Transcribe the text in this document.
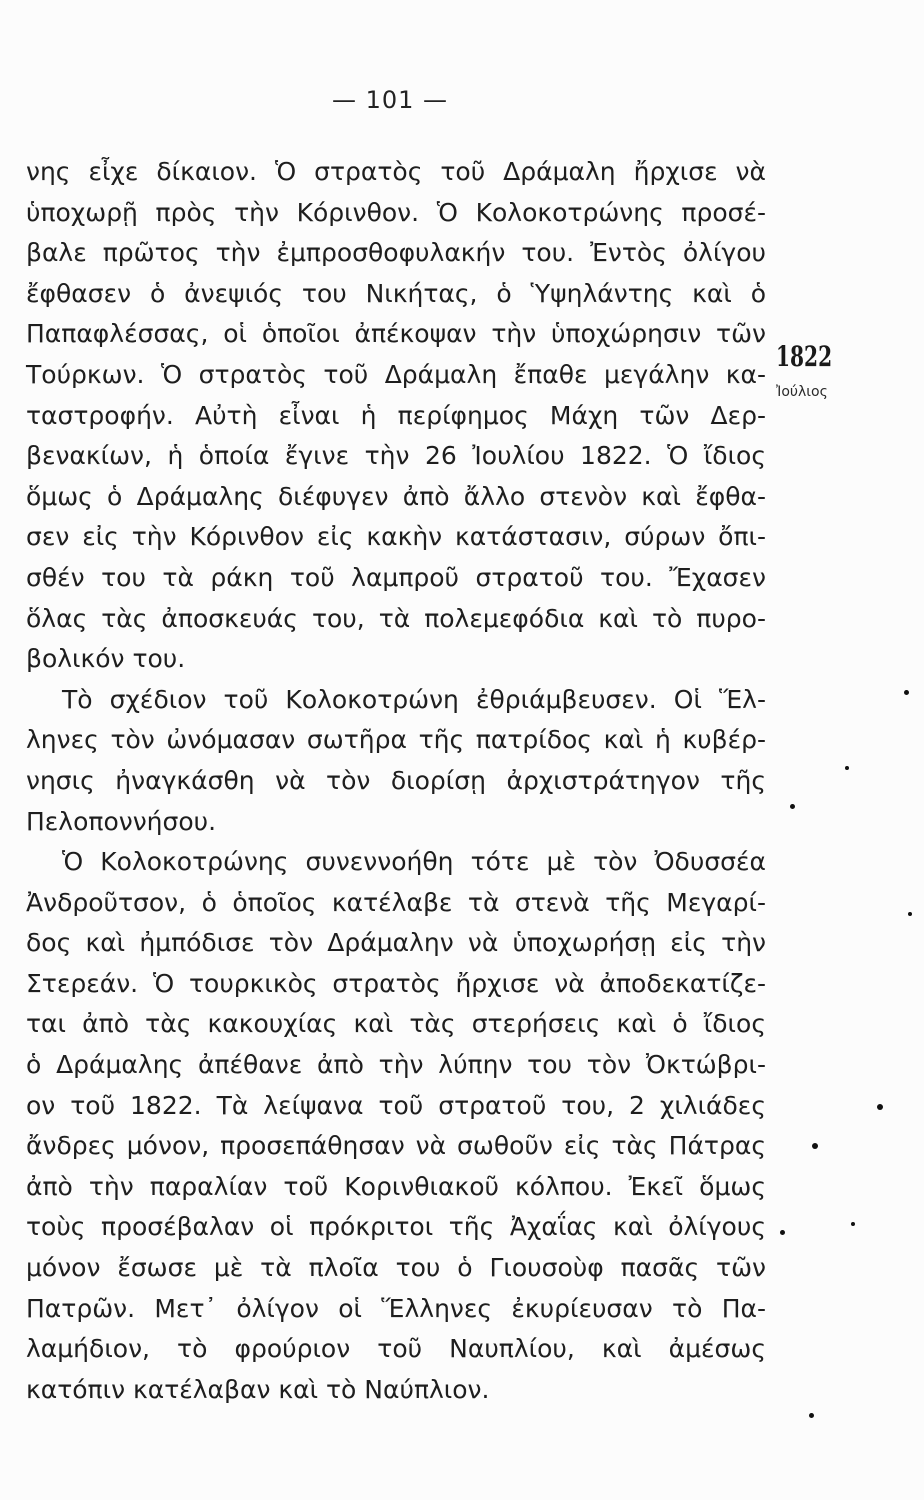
— 101 —
νης εἶχε δίκαιον. Ὁ στρατὸς τοῦ Δράμαλη ἤρχισε νὰ
ὑποχωρῇ πρὸς τὴν Κόρινθον. Ὁ Κολοκοτρώνης προσέ-
βαλε πρῶτος τὴν ἐμπροσθοφυλακήν του. Ἐντὸς ὀλίγου
ἔφθασεν ὁ ἀνεψιός του Νικήτας, ὁ Ὑψηλάντης καὶ ὁ
Παπαφλέσσας, οἱ ὁποῖοι ἀπέκοψαν τὴν ὑποχώρησιν τῶν
Τούρκων. Ὁ στρατὸς τοῦ Δράμαλη ἔπαθε μεγάλην κα-
ταστροφήν. Αὐτὴ εἶναι ἡ περίφημος Μάχη τῶν Δερ-
βενακίων, ἡ ὁποία ἔγινε τὴν 26 Ἰουλίου 1822. Ὁ ἴδιος
ὅμως ὁ Δράμαλης διέφυγεν ἀπὸ ἄλλο στενὸν καὶ ἔφθα-
σεν εἰς τὴν Κόρινθον εἰς κακὴν κατάστασιν, σύρων ὄπι-
σθέν του τὰ ράκη τοῦ λαμπροῦ στρατοῦ του. Ἔχασεν
ὅλας τὰς ἀποσκευάς του, τὰ πολεμεφόδια καὶ τὸ πυρο-
βολικόν του.
Τὸ σχέδιον τοῦ Κολοκοτρώνη ἐθριάμβευσεν. Οἱ Ἕλ-
ληνες τὸν ὠνόμασαν σωτῆρα τῆς πατρίδος καὶ ἡ κυβέρ-
νησις ἠναγκάσθη νὰ τὸν διορίσῃ ἀρχιστράτηγον τῆς
Πελοποννήσου.
Ὁ Κολοκοτρώνης συνεννοήθη τότε μὲ τὸν Ὀδυσσέα
Ἀνδροῦτσον, ὁ ὁποῖος κατέλαβε τὰ στενὰ τῆς Μεγαρί-
δος καὶ ἠμπόδισε τὸν Δράμαλην νὰ ὑποχωρήσῃ εἰς τὴν
Στερεάν. Ὁ τουρκικὸς στρατὸς ἤρχισε νὰ ἀποδεκατίζε-
ται ἀπὸ τὰς κακουχίας καὶ τὰς στερήσεις καὶ ὁ ἴδιος
ὁ Δράμαλης ἀπέθανε ἀπὸ τὴν λύπην του τὸν Ὀκτώβρι-
ον τοῦ 1822. Τὰ λείψανα τοῦ στρατοῦ του, 2 χιλιάδες
ἄνδρες μόνον, προσεπάθησαν νὰ σωθοῦν εἰς τὰς Πάτρας
ἀπὸ τὴν παραλίαν τοῦ Κορινθιακοῦ κόλπου. Ἐκεῖ ὅμως
τοὺς προσέβαλαν οἱ πρόκριτοι τῆς Ἀχαΐας καὶ ὀλίγους
μόνον ἔσωσε μὲ τὰ πλοῖα του ὁ Γιουσοὺφ πασᾶς τῶν
Πατρῶν. Μετ᾽ ὀλίγον οἱ Ἕλληνες ἐκυρίευσαν τὸ Πα-
λαμήδιον, τὸ φρούριον τοῦ Ναυπλίου, καὶ ἀμέσως
κατόπιν κατέλαβαν καὶ τὸ Ναύπλιον.
1822
Ἰούλιος
